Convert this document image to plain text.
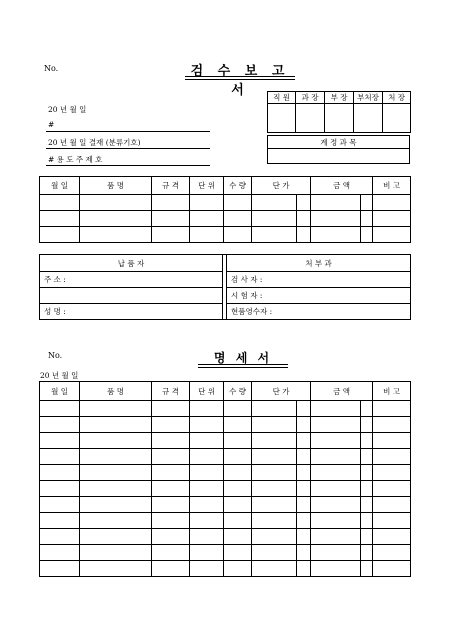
No.	검 수 보 고 서
20 년 월 일
#
20 년 월 일 결재 (분류기호)
# 용 도 주 제 호
직 원	과 장	부 장	부처장	처 장

계 정 과 목

월 일	품 명	규 격	단 위	수 량	단 가		금 액		비 고

납 품 자		처 부 과
주 소 :		검 사 자 :
		시 험 자 :
성 명 :		현품영수자 :
No.	명 세 서
20 년 월 일
월 일	품 명	규 격	단 위	수 량	단 가	금 액	비 고
